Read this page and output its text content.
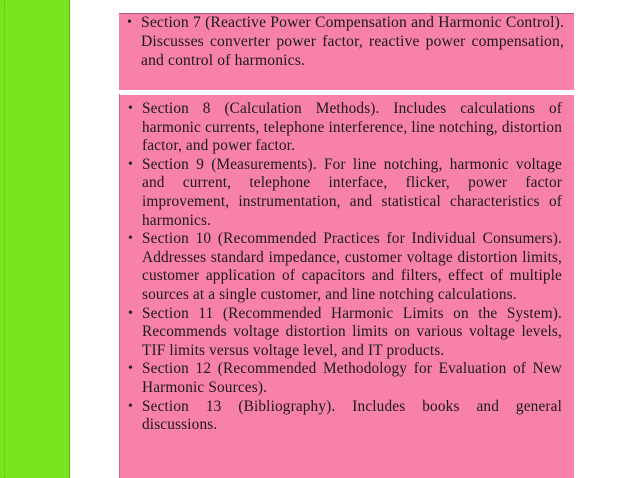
• Section 7 (Reactive Power Compensation and Harmonic Control). Discusses converter power factor, reactive power compensation, and control of harmonics.

• Section 8 (Calculation Methods). Includes calculations of harmonic currents, telephone interference, line notching, distortion factor, and power factor.

• Section 9 (Measurements). For line notching, harmonic voltage and current, telephone interface, flicker, power factor improvement, instrumentation, and statistical characteristics of harmonics.

• Section 10 (Recommended Practices for Individual Consumers). Addresses standard impedance, customer voltage distortion limits, customer application of capacitors and filters, effect of multiple sources at a single customer, and line notching calculations.

• Section 11 (Recommended Harmonic Limits on the System). Recommends voltage distortion limits on various voltage levels, TIF limits versus voltage level, and IT products.

• Section 12 (Recommended Methodology for Evaluation of New Harmonic Sources).

• Section 13 (Bibliography). Includes books and general discussions.
